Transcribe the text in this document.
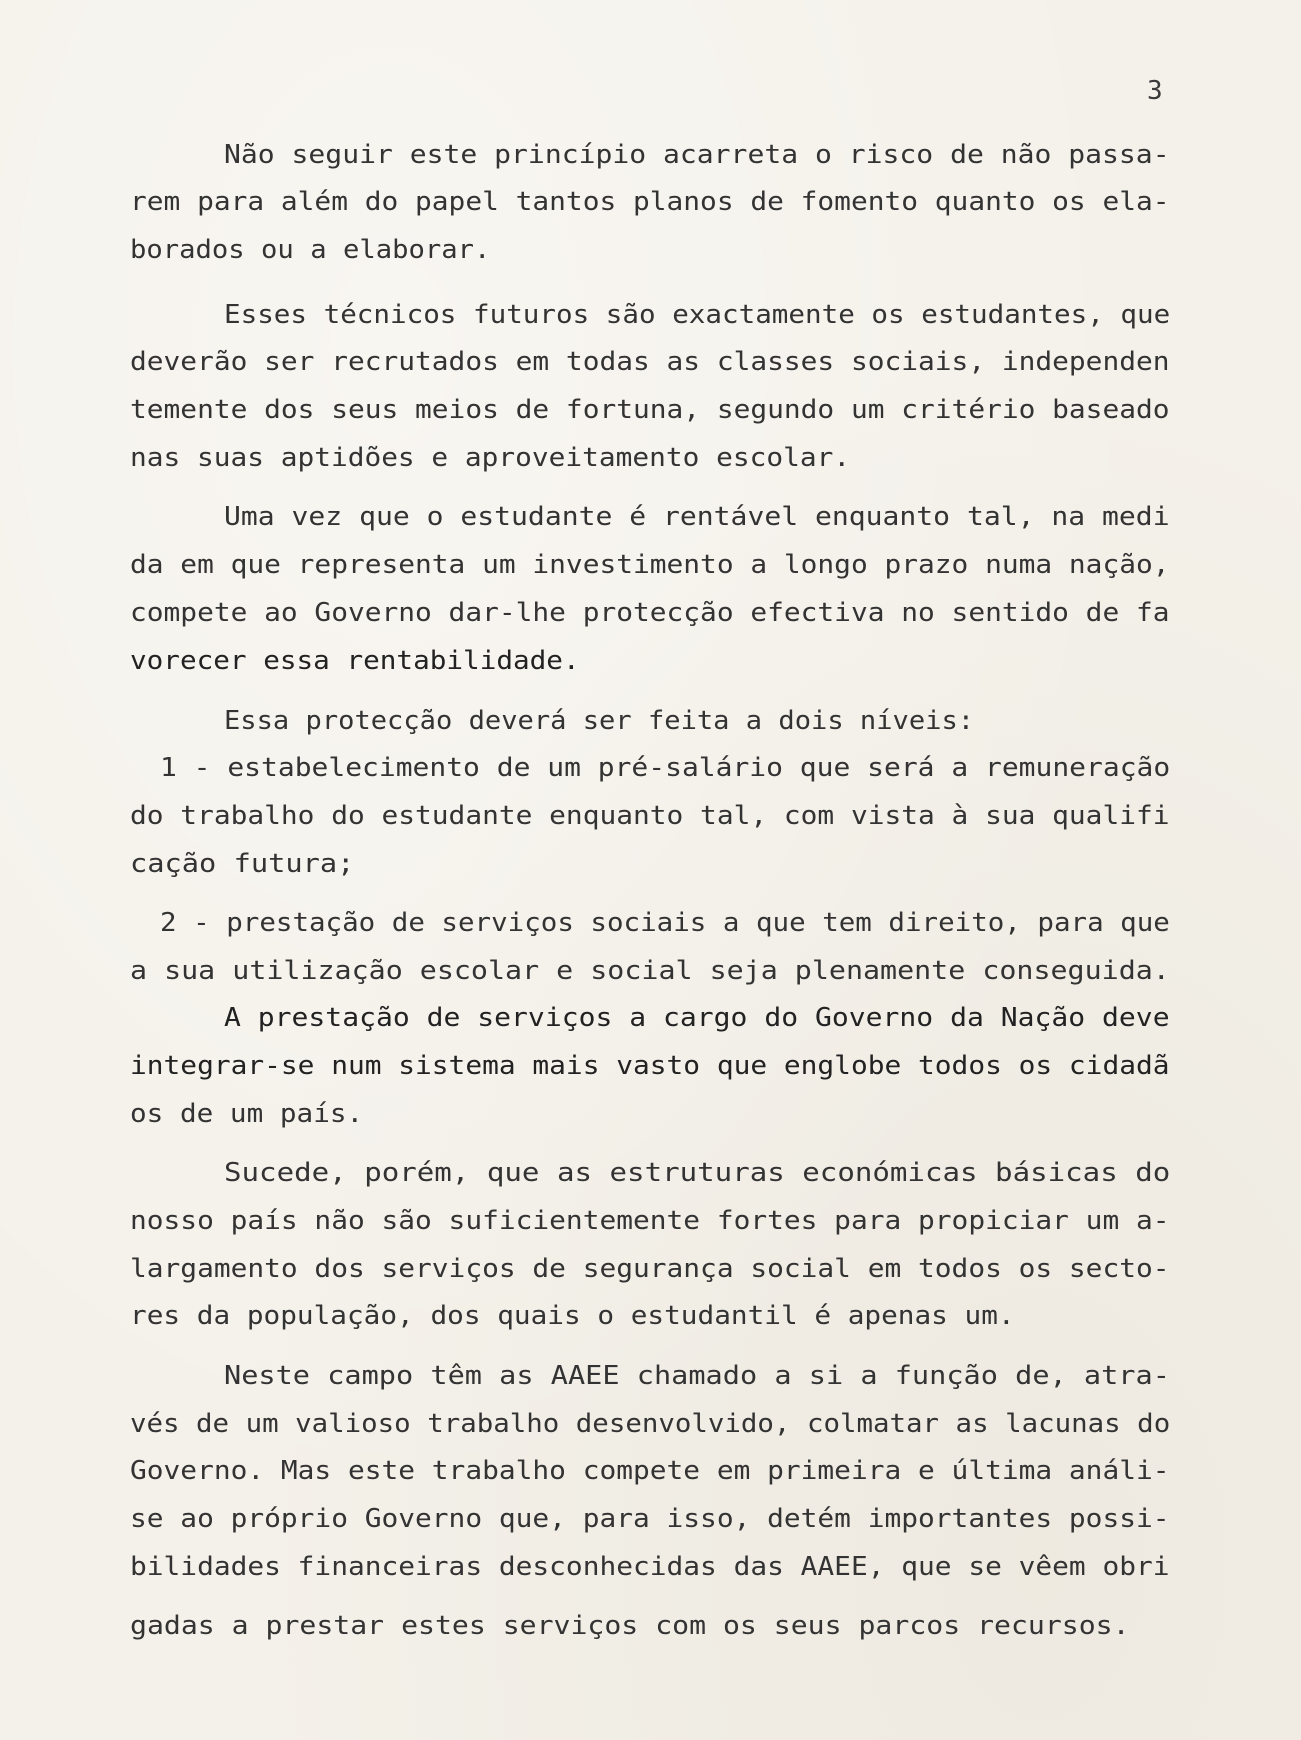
3
Não seguir este princípio acarreta o risco de não passa-
rem para além do papel tantos planos de fomento quanto os ela-
borados ou a elaborar.
Esses técnicos futuros são exactamente os estudantes, que
deverão ser recrutados em todas as classes sociais, independen
temente dos seus meios de fortuna, segundo um critério baseado
nas suas aptidões e aproveitamento escolar.
Uma vez que o estudante é rentável enquanto tal, na medi
da em que representa um investimento a longo prazo numa nação,
compete ao Governo dar-lhe protecção efectiva no sentido de fa
vorecer essa rentabilidade.
Essa protecção deverá ser feita a dois níveis:
1 - estabelecimento de um pré-salário que será a remuneração
do trabalho do estudante enquanto tal, com vista à sua qualifi
cação futura;
2 - prestação de serviços sociais a que tem direito, para que
a sua utilização escolar e social seja plenamente conseguida.
A prestação de serviços a cargo do Governo da Nação deve
integrar-se num sistema mais vasto que englobe todos os cidadã
os de um país.
Sucede, porém, que as estruturas económicas básicas do
nosso país não são suficientemente fortes para propiciar um a-
largamento dos serviços de segurança social em todos os secto-
res da população, dos quais o estudantil é apenas um.
Neste campo têm as AAEE chamado a si a função de, atra-
vés de um valioso trabalho desenvolvido, colmatar as lacunas do
Governo. Mas este trabalho compete em primeira e última análi-
se ao próprio Governo que, para isso, detém importantes possi-
bilidades financeiras desconhecidas das AAEE, que se vêem obri
gadas a prestar estes serviços com os seus parcos recursos.
